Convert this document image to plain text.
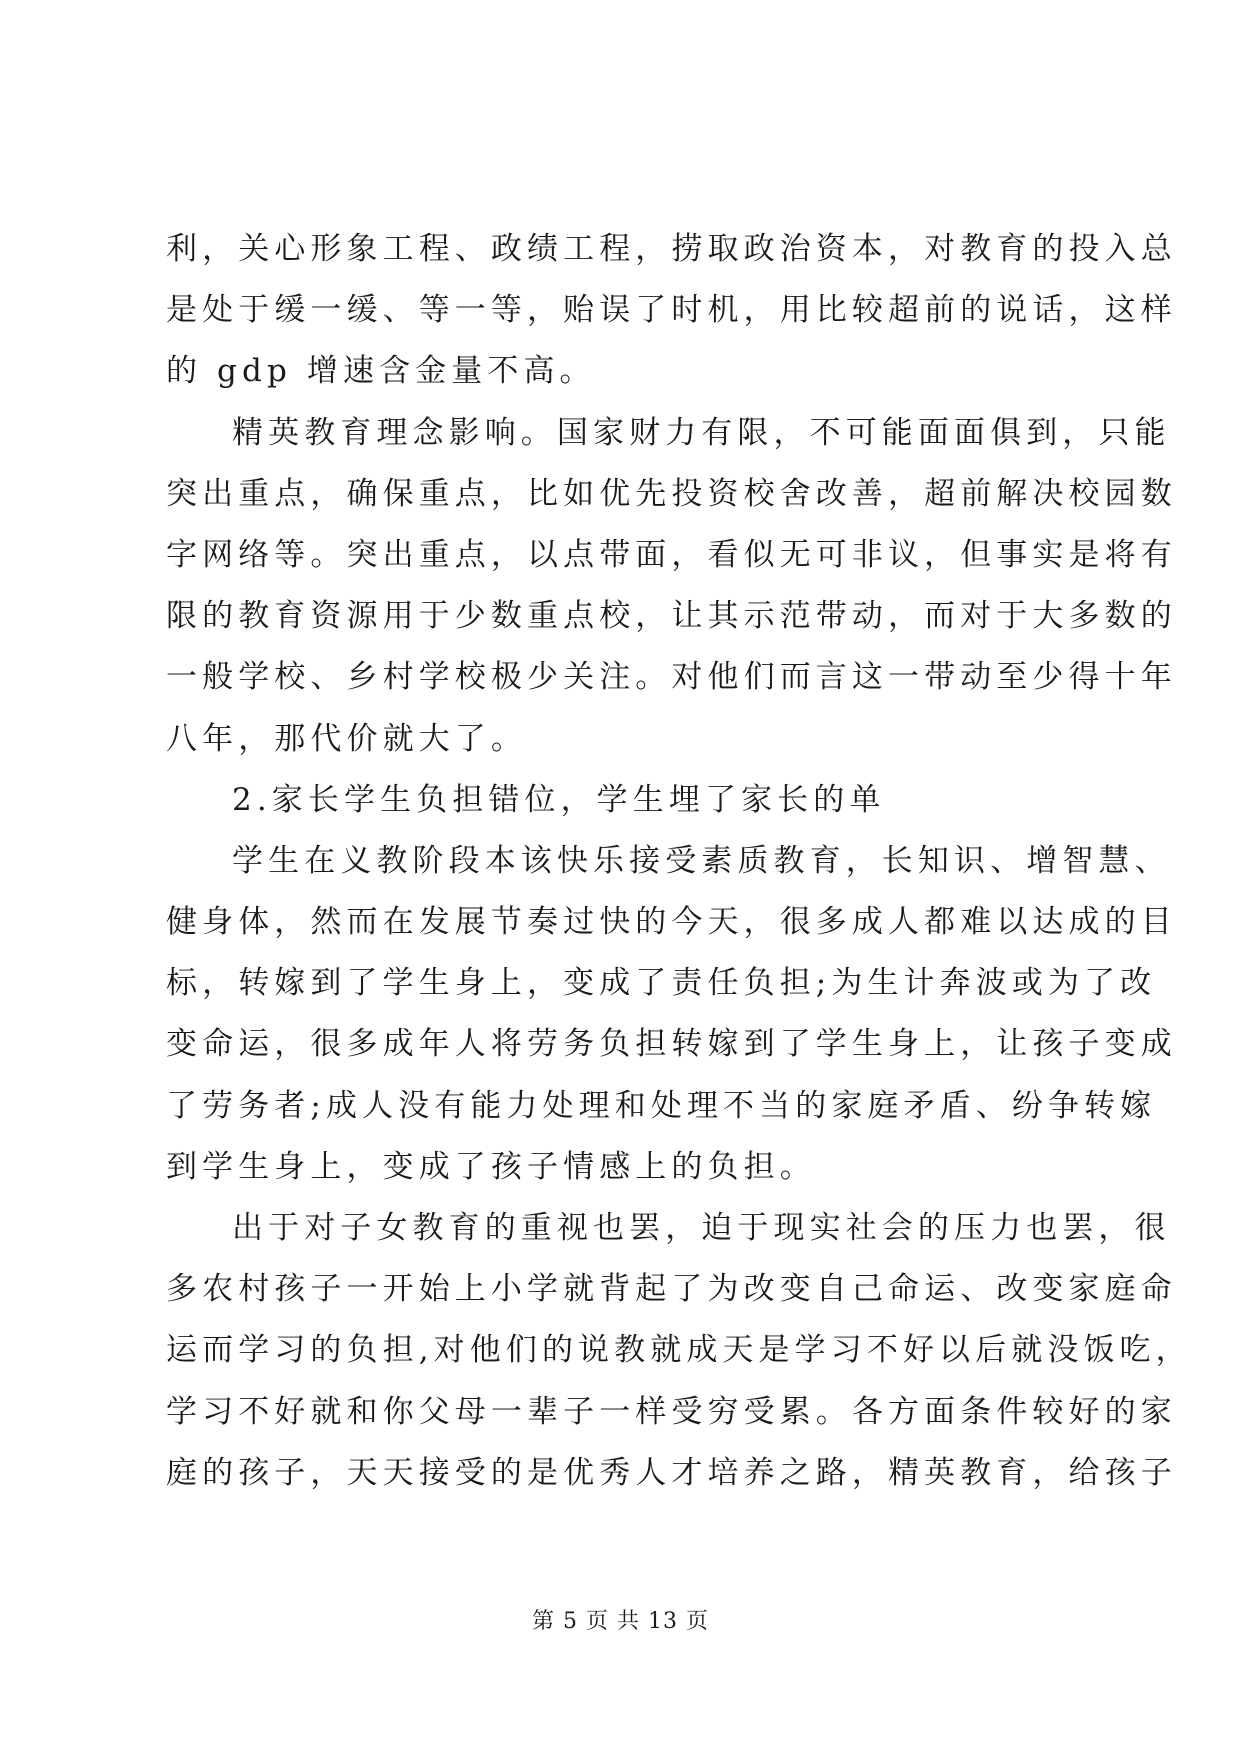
利，关心形象工程、政绩工程，捞取政治资本，对教育的投入总
是处于缓一缓、等一等，贻误了时机，用比较超前的说话，这样
的 gdp 增速含金量不高。
精英教育理念影响。国家财力有限，不可能面面俱到，只能
突出重点，确保重点，比如优先投资校舍改善，超前解决校园数
字网络等。突出重点，以点带面，看似无可非议，但事实是将有
限的教育资源用于少数重点校，让其示范带动，而对于大多数的
一般学校、乡村学校极少关注。对他们而言这一带动至少得十年
八年，那代价就大了。
2.家长学生负担错位，学生埋了家长的单
学生在义教阶段本该快乐接受素质教育，长知识、增智慧、
健身体，然而在发展节奏过快的今天，很多成人都难以达成的目
标，转嫁到了学生身上，变成了责任负担;为生计奔波或为了改
变命运，很多成年人将劳务负担转嫁到了学生身上，让孩子变成
了劳务者;成人没有能力处理和处理不当的家庭矛盾、纷争转嫁
到学生身上，变成了孩子情感上的负担。
出于对子女教育的重视也罢，迫于现实社会的压力也罢，很
多农村孩子一开始上小学就背起了为改变自己命运、改变家庭命
运而学习的负担,对他们的说教就成天是学习不好以后就没饭吃，
学习不好就和你父母一辈子一样受穷受累。各方面条件较好的家
庭的孩子，天天接受的是优秀人才培养之路，精英教育，给孩子
第 5 页 共 13 页
